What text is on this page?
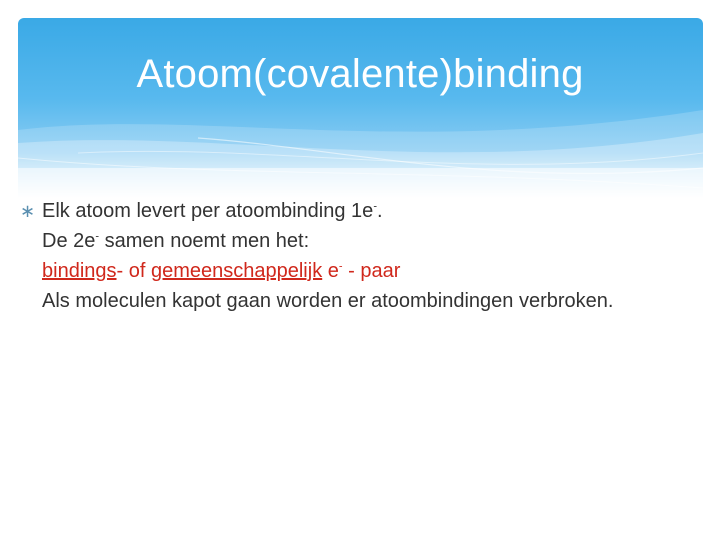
Atoom(covalente)binding
∗ Elk atoom levert per atoombinding 1e-.
De 2e- samen noemt men het:
bindings- of gemeenschappelijk e- - paar
Als moleculen kapot gaan worden er atoombindingen verbroken.
